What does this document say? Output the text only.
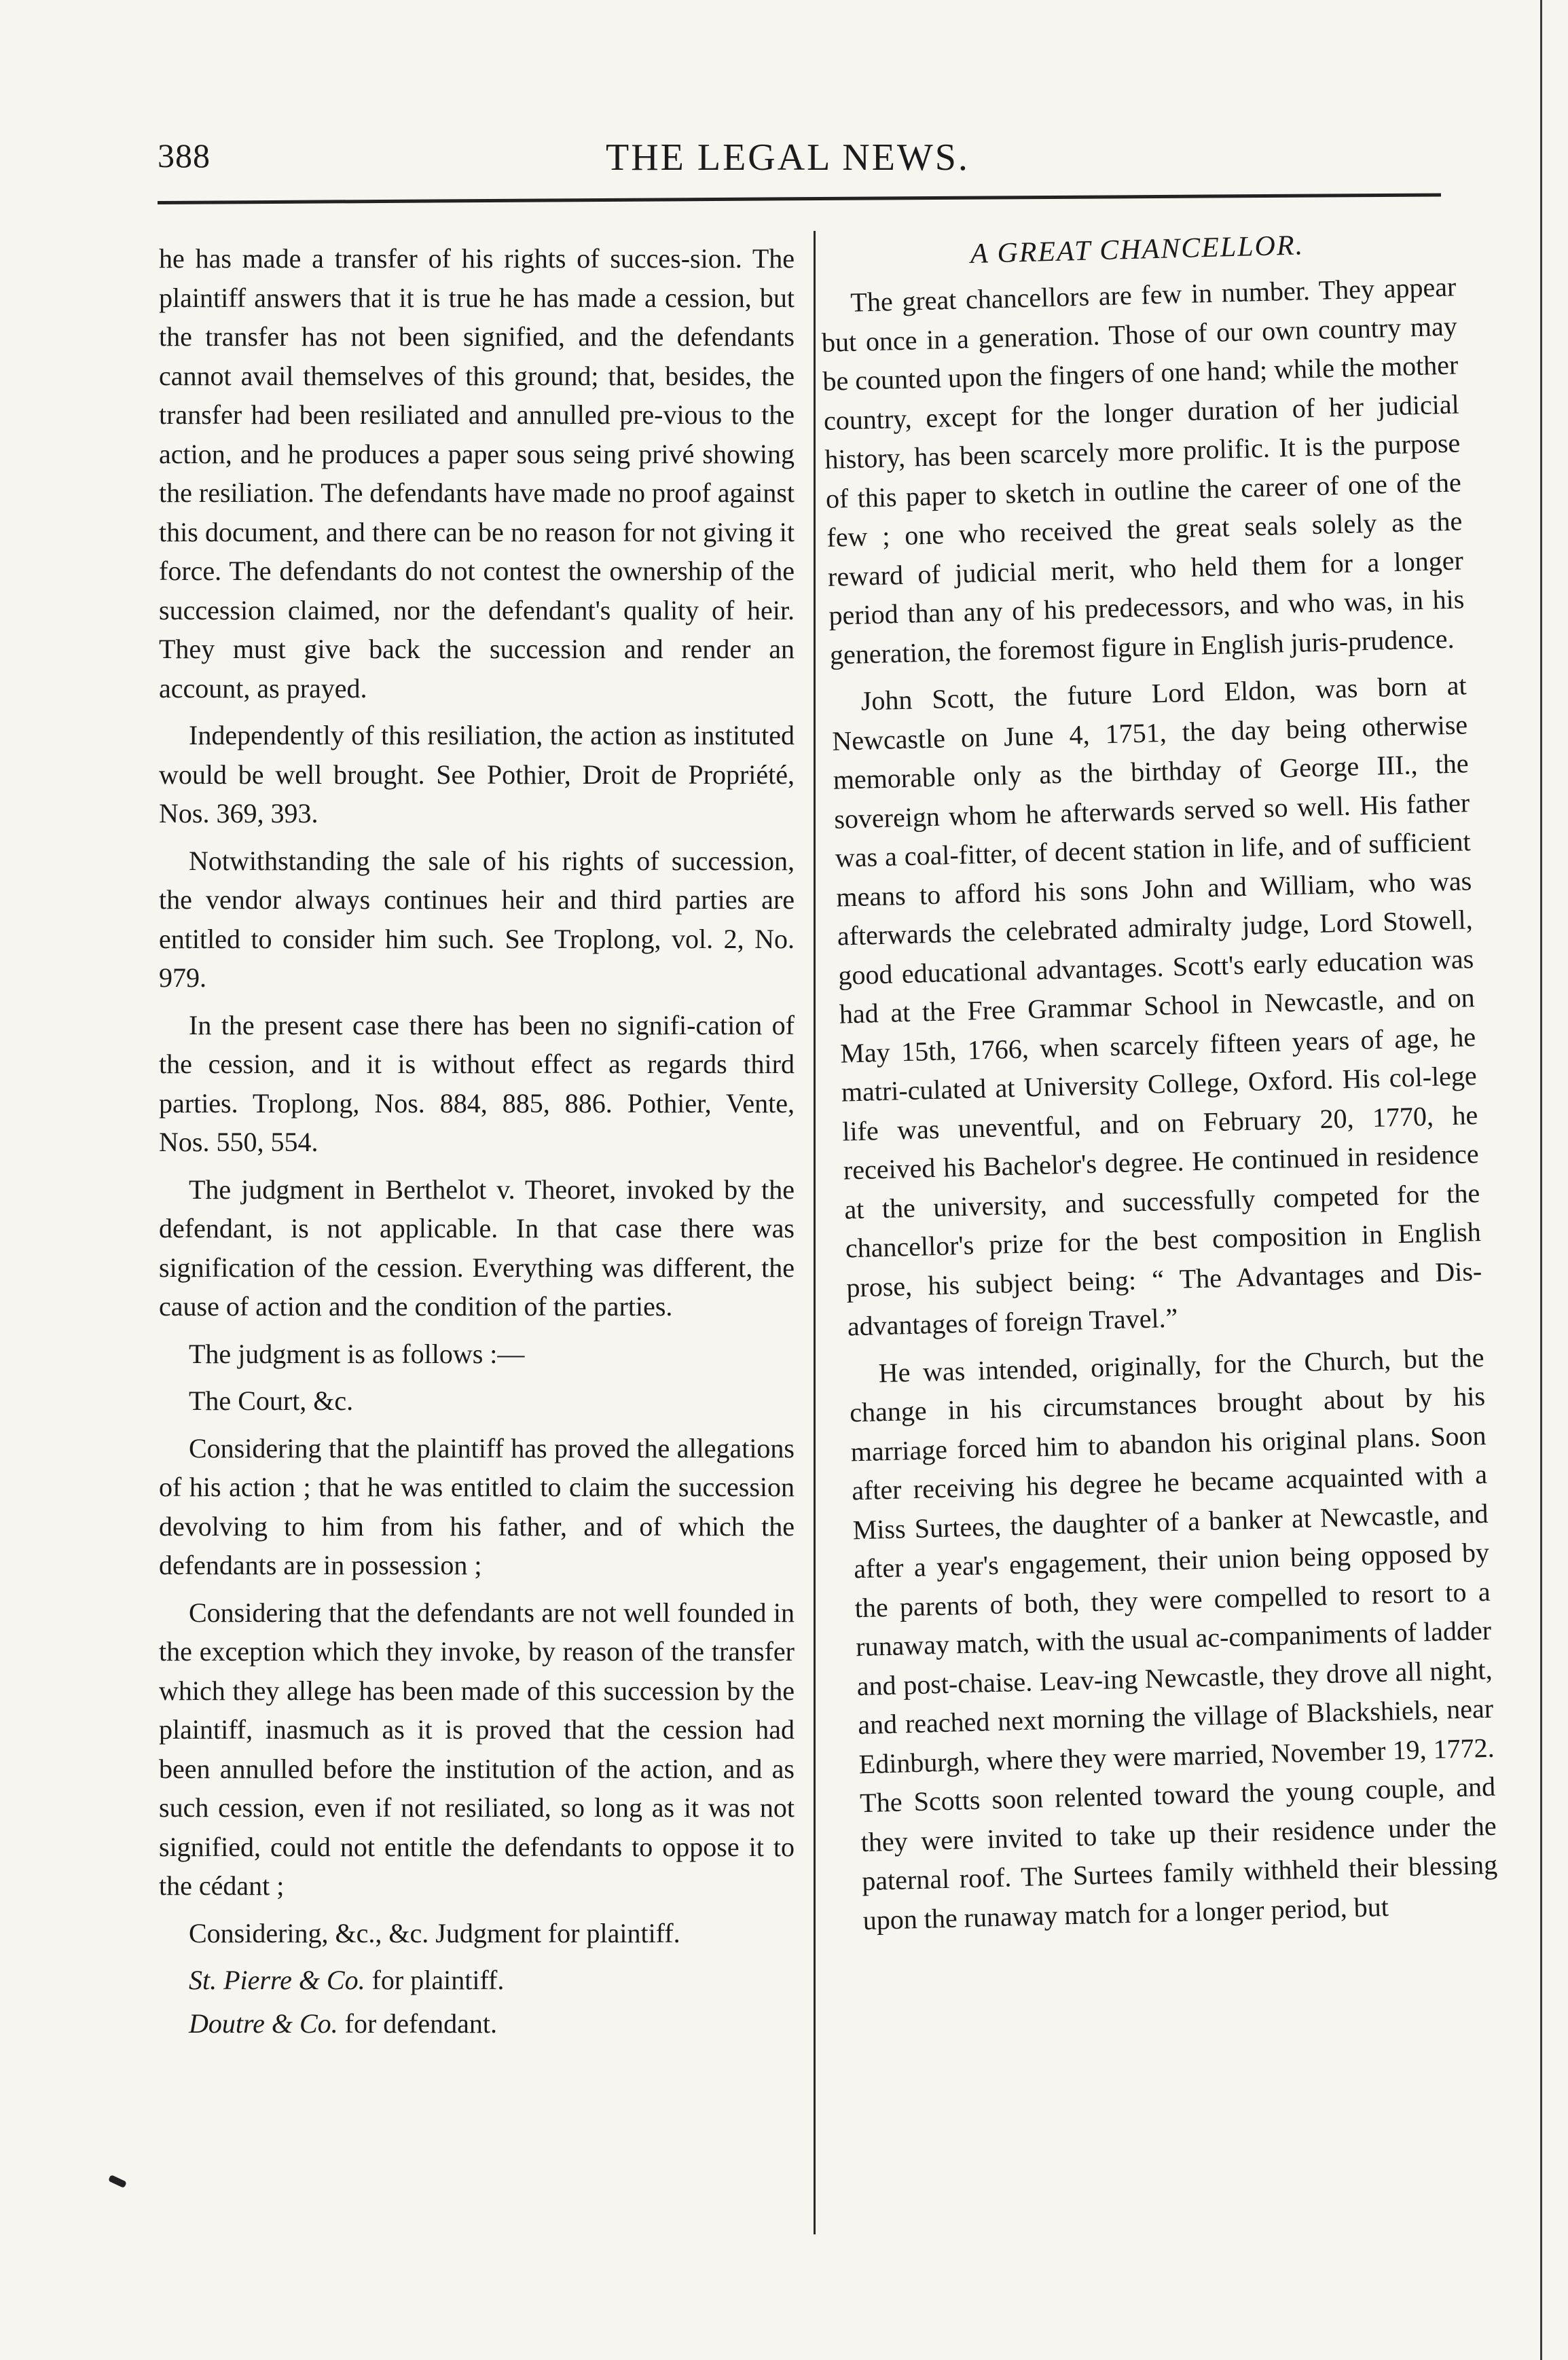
388	THE LEGAL NEWS.

he has made a transfer of his rights of succes-sion. The plaintiff answers that it is true he has made a cession, but the transfer has not been signified, and the defendants cannot avail themselves of this ground; that, besides, the transfer had been resiliated and annulled pre-vious to the action, and he produces a paper sous seing privé showing the resiliation. The defendants have made no proof against this document, and there can be no reason for not giving it force. The defendants do not contest the ownership of the succession claimed, nor the defendant's quality of heir. They must give back the succession and render an account, as prayed.

Independently of this resiliation, the action as instituted would be well brought. See Pothier, Droit de Propriété, Nos. 369, 393.

Notwithstanding the sale of his rights of succession, the vendor always continues heir and third parties are entitled to consider him such. See Troplong, vol. 2, No. 979.

In the present case there has been no signifi-cation of the cession, and it is without effect as regards third parties. Troplong, Nos. 884, 885, 886. Pothier, Vente, Nos. 550, 554.

The judgment in Berthelot v. Theoret, invoked by the defendant, is not applicable. In that case there was signification of the cession. Everything was different, the cause of action and the condition of the parties.

The judgment is as follows :—

The Court, &c.

Considering that the plaintiff has proved the allegations of his action ; that he was entitled to claim the succession devolving to him from his father, and of which the defendants are in possession ;

Considering that the defendants are not well founded in the exception which they invoke, by reason of the transfer which they allege has been made of this succession by the plaintiff, inasmuch as it is proved that the cession had been annulled before the institution of the action, and as such cession, even if not resiliated, so long as it was not signified, could not entitle the defendants to oppose it to the cédant ;

Considering, &c., &c. Judgment for plaintiff.

St. Pierre & Co. for plaintiff.
Doutre & Co. for defendant.
A GREAT CHANCELLOR.

The great chancellors are few in number. They appear but once in a generation. Those of our own country may be counted upon the fingers of one hand; while the mother country, except for the longer duration of her judicial history, has been scarcely more prolific. It is the purpose of this paper to sketch in outline the career of one of the few ; one who received the great seals solely as the reward of judicial merit, who held them for a longer period than any of his predecessors, and who was, in his generation, the foremost figure in English juris-prudence.

John Scott, the future Lord Eldon, was born at Newcastle on June 4, 1751, the day being otherwise memorable only as the birthday of George III., the sovereign whom he afterwards served so well. His father was a coal-fitter, of decent station in life, and of sufficient means to afford his sons John and William, who was afterwards the celebrated admiralty judge, Lord Stowell, good educational advantages. Scott's early education was had at the Free Grammar School in Newcastle, and on May 15th, 1766, when scarcely fifteen years of age, he matri-culated at University College, Oxford. His col-lege life was uneventful, and on February 20, 1770, he received his Bachelor's degree. He continued in residence at the university, and successfully competed for the chancellor's prize for the best composition in English prose, his subject being: “ The Advantages and Dis-advantages of foreign Travel.”

He was intended, originally, for the Church, but the change in his circumstances brought about by his marriage forced him to abandon his original plans. Soon after receiving his degree he became acquainted with a Miss Surtees, the daughter of a banker at Newcastle, and after a year's engagement, their union being opposed by the parents of both, they were compelled to resort to a runaway match, with the usual ac-companiments of ladder and post-chaise. Leav-ing Newcastle, they drove all night, and reached next morning the village of Blackshiels, near Edinburgh, where they were married, November 19, 1772. The Scotts soon relented toward the young couple, and they were invited to take up their residence under the paternal roof. The Surtees family withheld their blessing upon the runaway match for a longer period, but
